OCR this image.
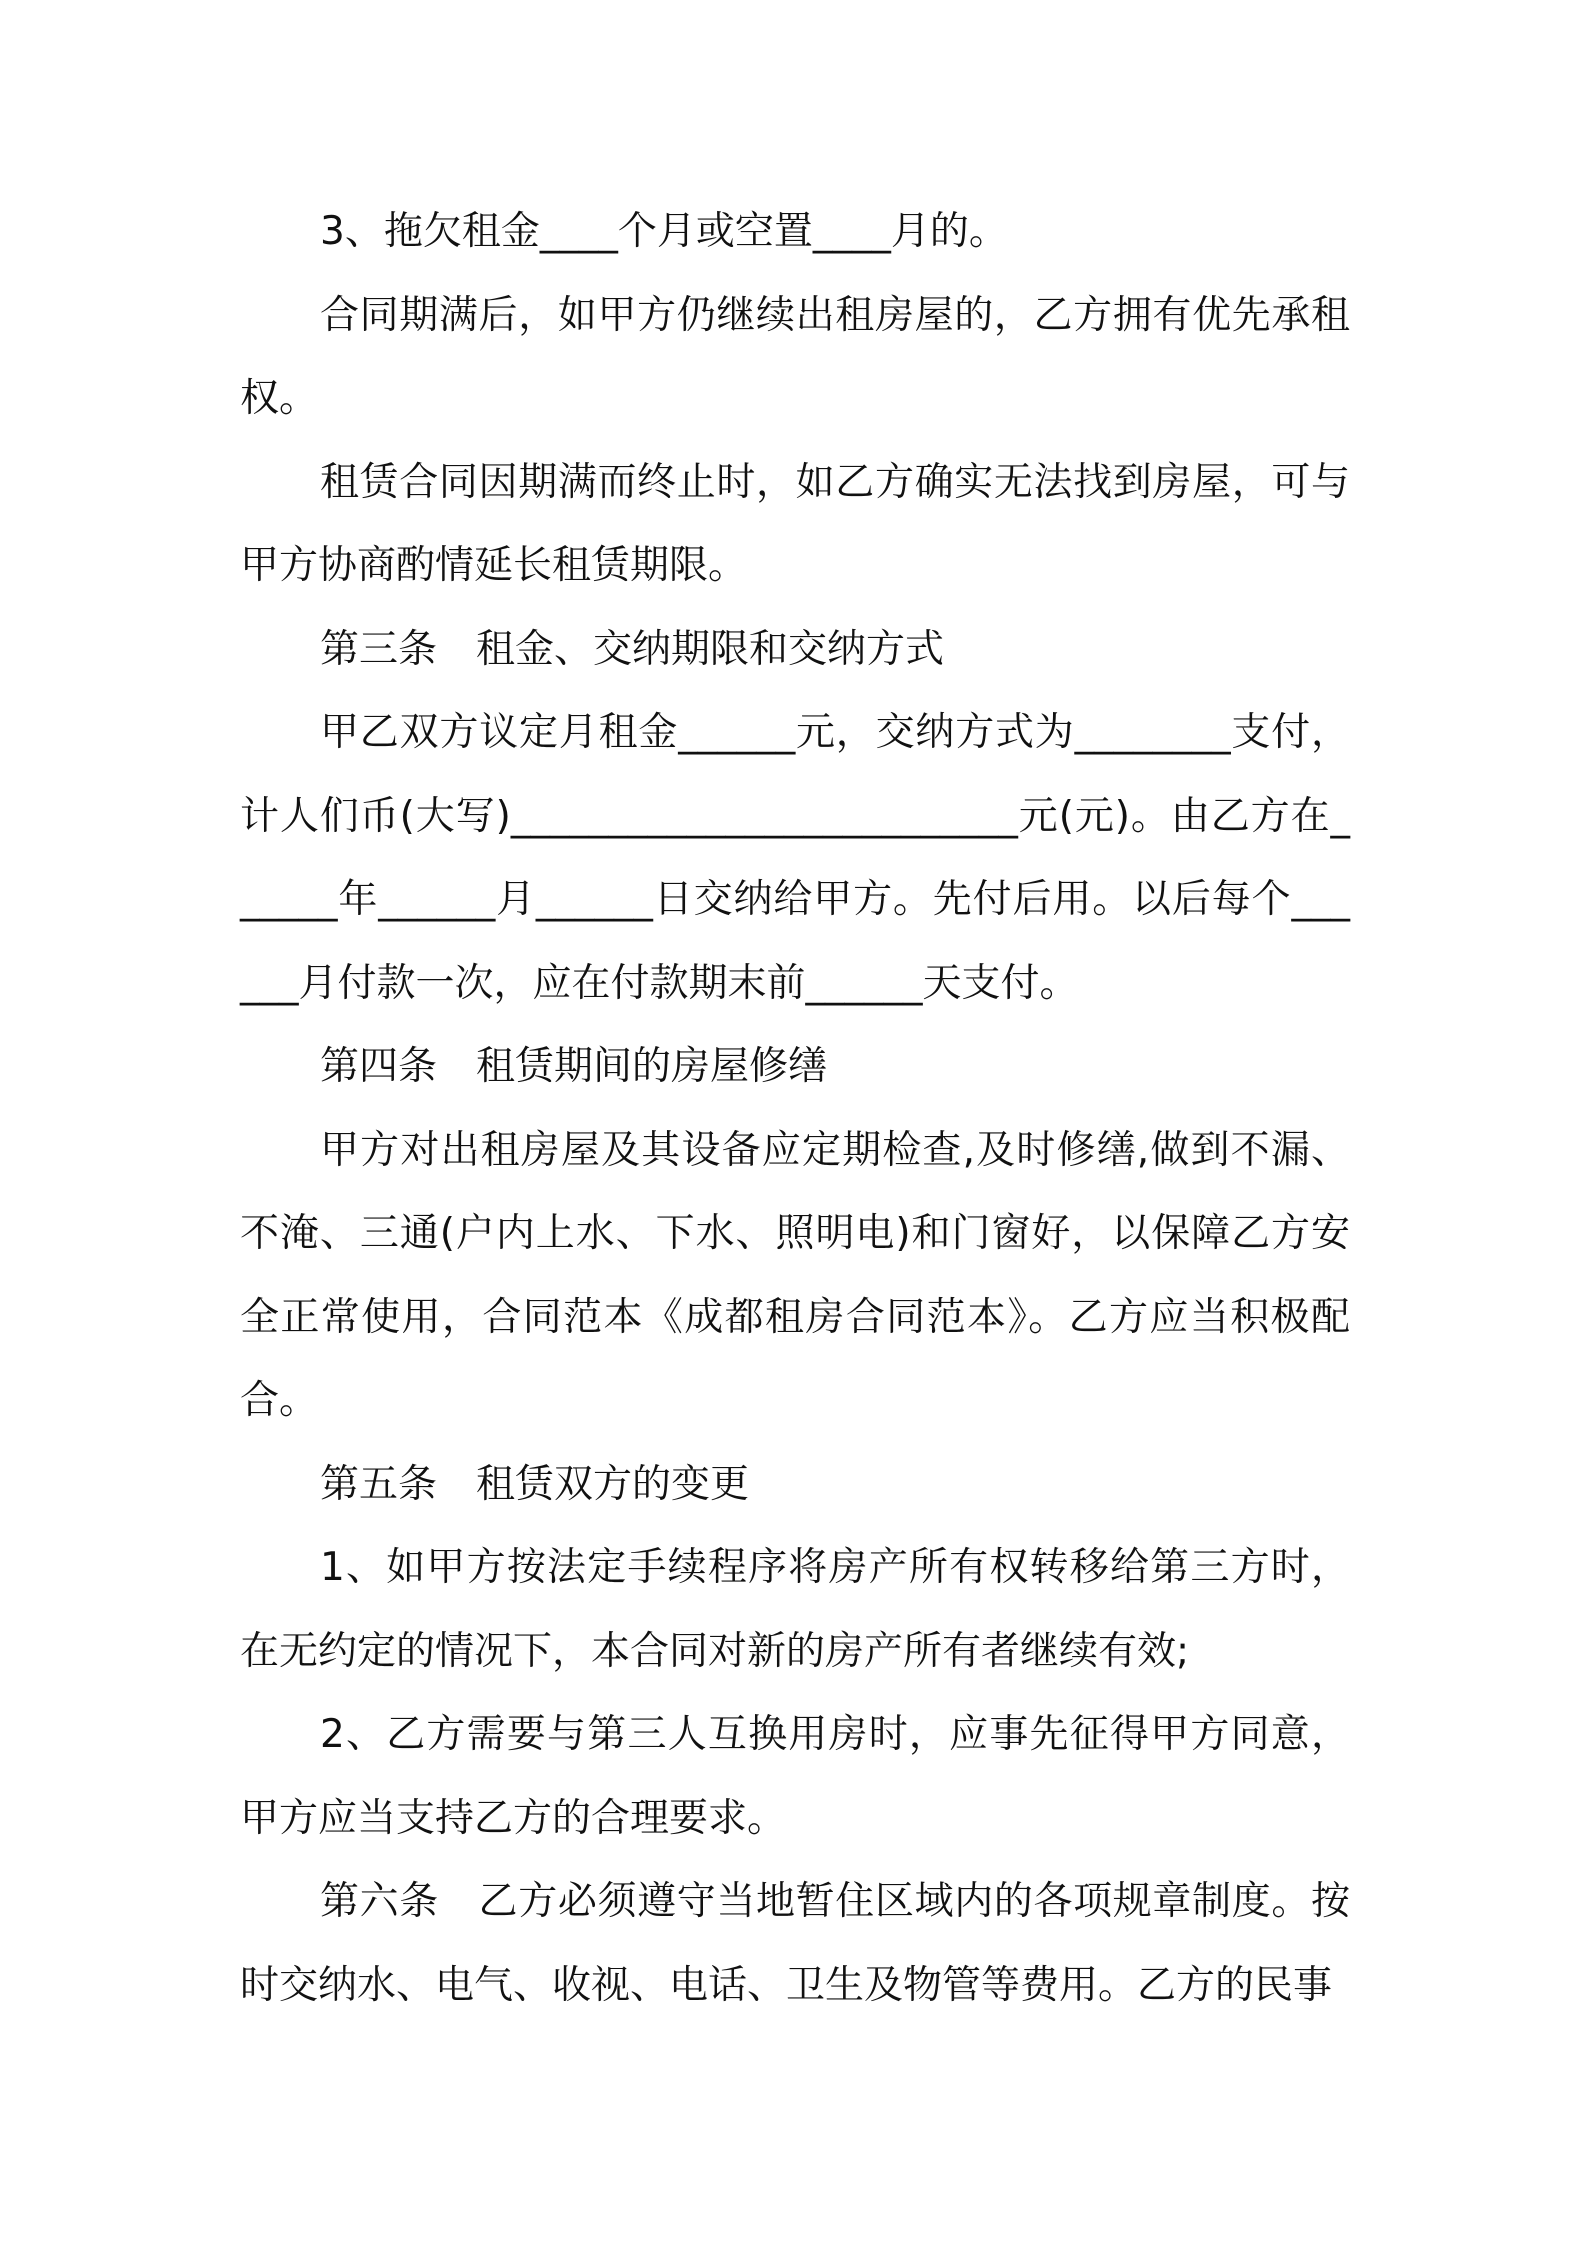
3、拖欠租金____个月或空置____月的。

合同期满后，如甲方仍继续出租房屋的，乙方拥有优先承租权。

租赁合同因期满而终止时，如乙方确实无法找到房屋，可与甲方协商酌情延长租赁期限。

第三条　租金、交纳期限和交纳方式

甲乙双方议定月租金______元，交纳方式为________支付，计人们币(大写)__________________________元(元)。由乙方在______年______月______日交纳给甲方。先付后用。以后每个______月付款一次，应在付款期末前______天支付。

第四条　租赁期间的房屋修缮

甲方对出租房屋及其设备应定期检查,及时修缮,做到不漏、不淹、三通(户内上水、下水、照明电)和门窗好，以保障乙方安全正常使用，合同范本《成都租房合同范本》。乙方应当积极配合。

第五条　租赁双方的变更

1、如甲方按法定手续程序将房产所有权转移给第三方时，在无约定的情况下，本合同对新的房产所有者继续有效;

2、乙方需要与第三人互换用房时，应事先征得甲方同意，甲方应当支持乙方的合理要求。

第六条　乙方必须遵守当地暂住区域内的各项规章制度。按时交纳水、电气、收视、电话、卫生及物管等费用。乙方的民事
